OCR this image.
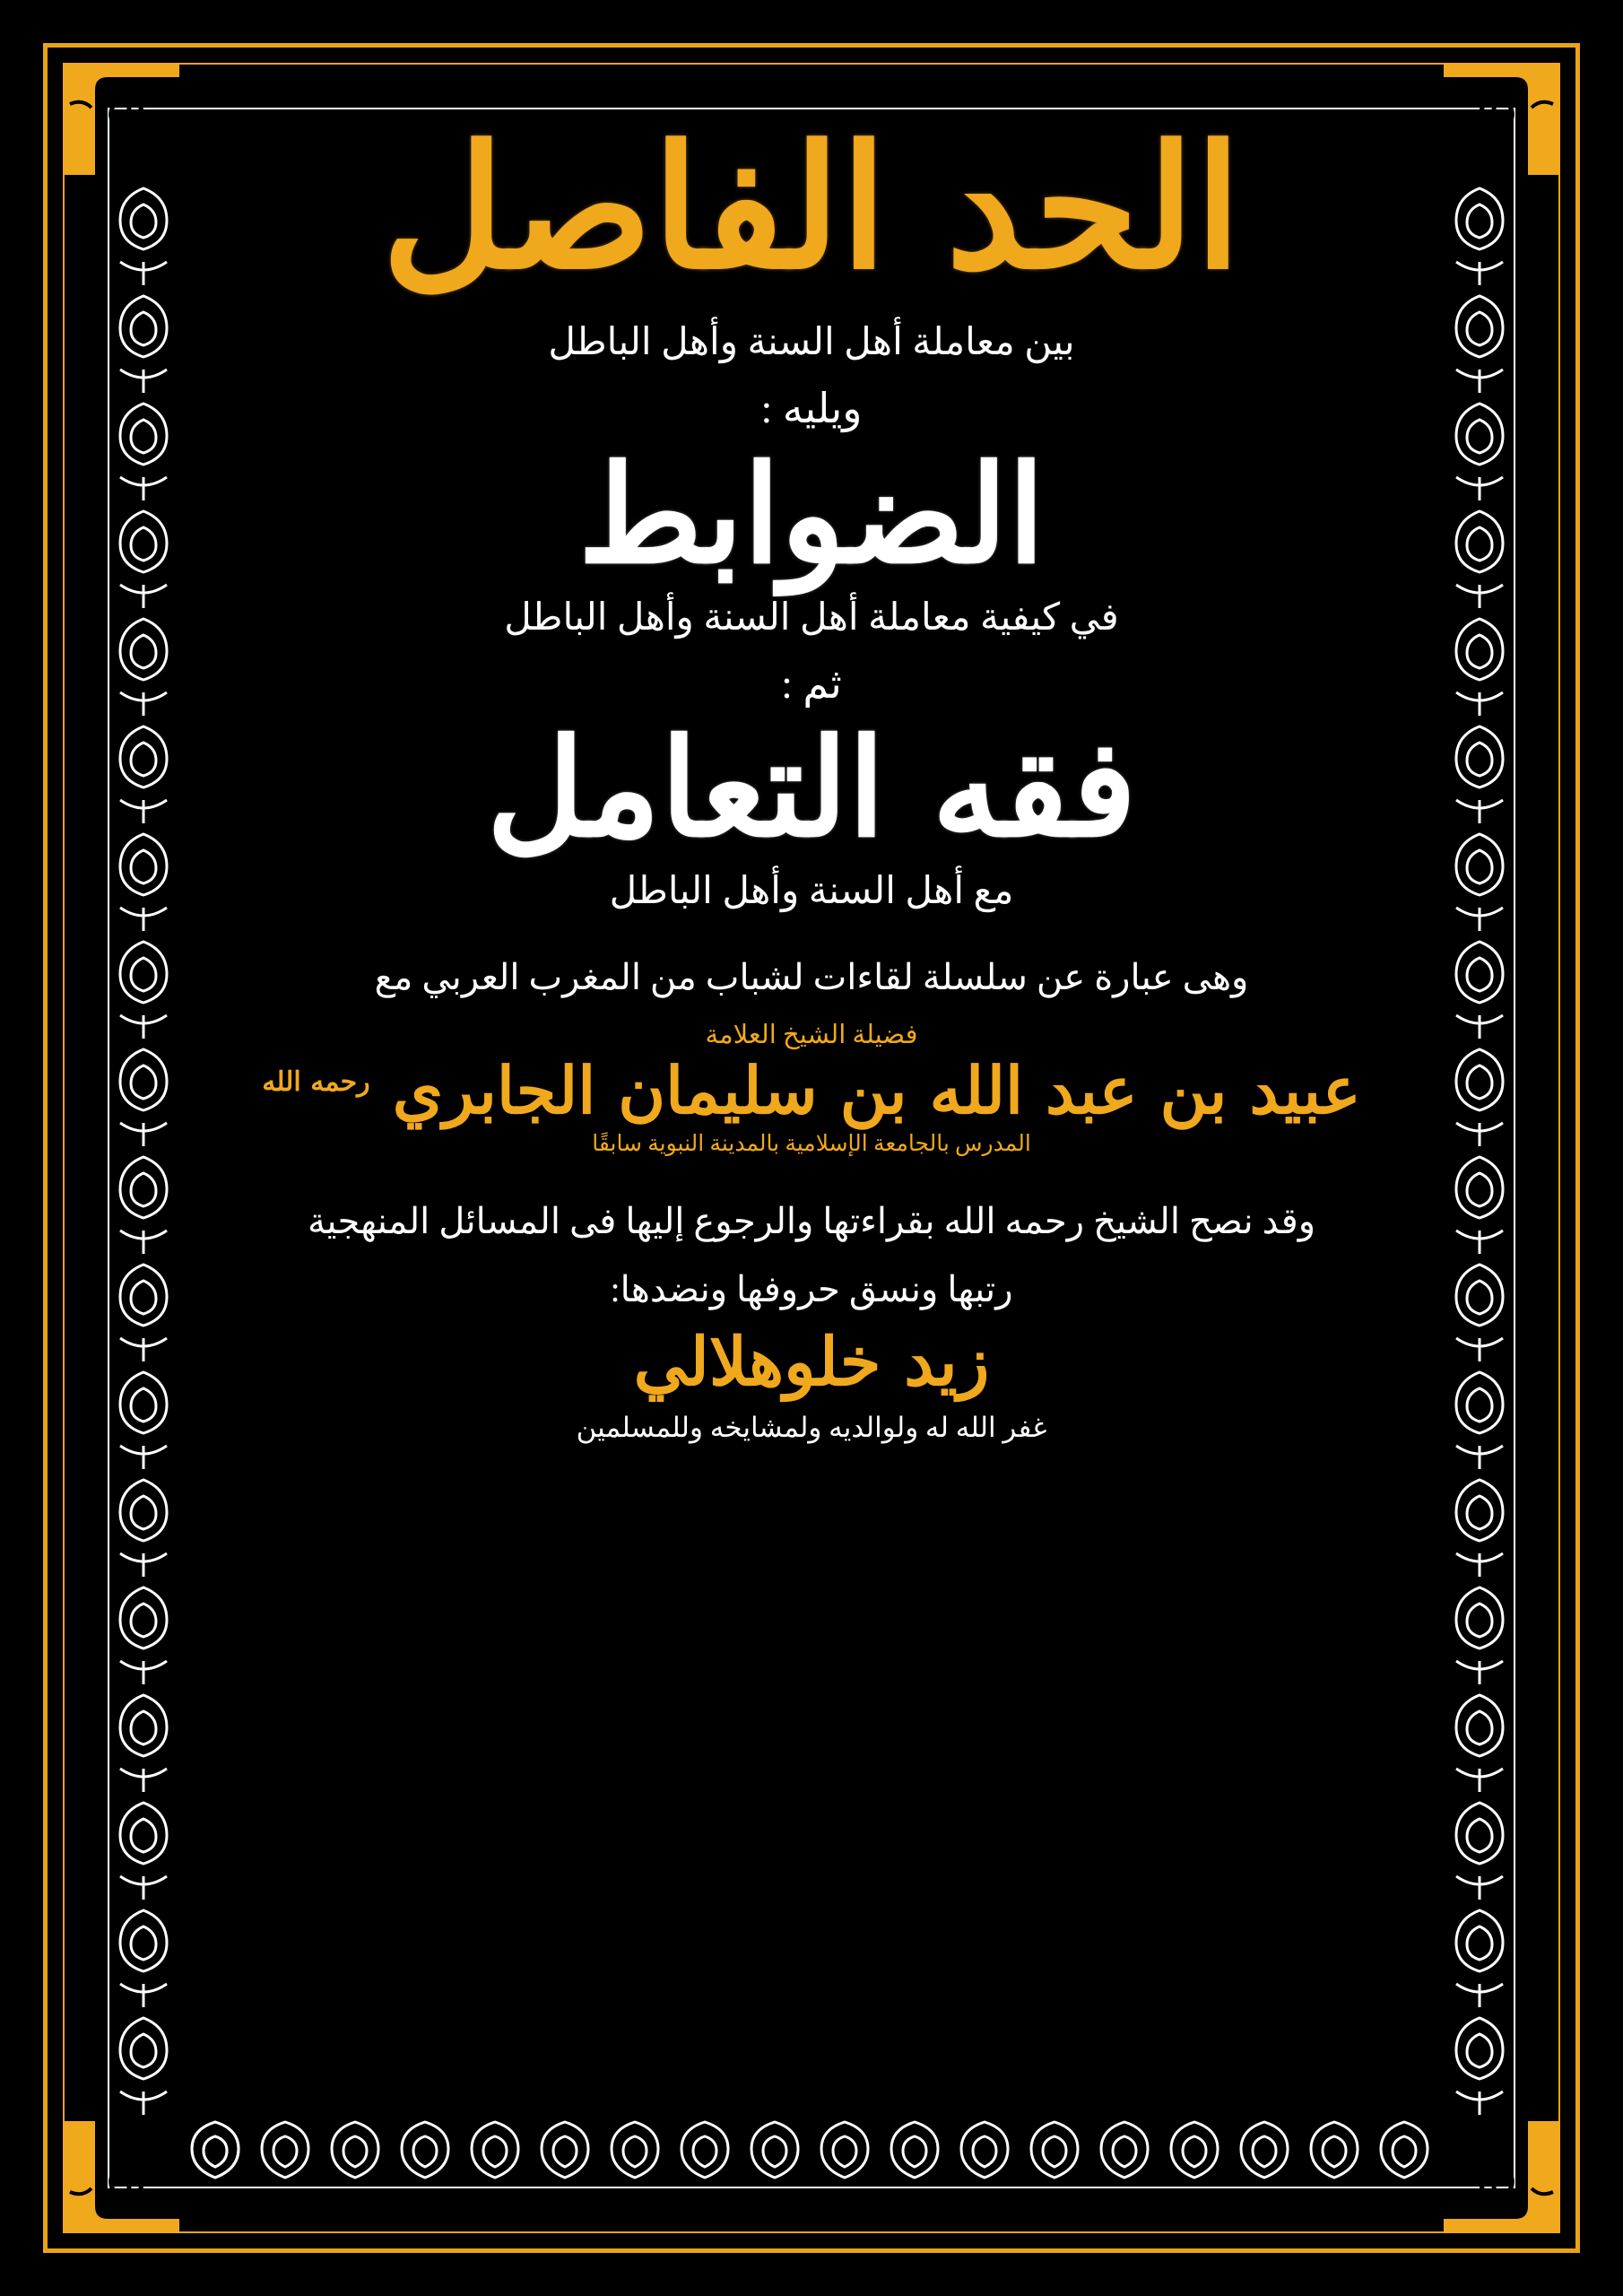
الحد الفاصل
بين معاملة أهل السنة وأهل الباطل
ويليه :
الضوابط
في كيفية معاملة أهل السنة وأهل الباطل
ثم :
فقه التعامل
مع أهل السنة وأهل الباطل
وهى عبارة عن سلسلة لقاءات لشباب من المغرب العربي مع
فضيلة الشيخ العلامة
عبيد بن عبد الله بن سليمان الجابري $^{رحمه الله}$
المدرس بالجامعة الإسلامية بالمدينة النبوية سابقًا
وقد نصح الشيخ رحمه الله بقراءتها والرجوع إليها فى المسائل المنهجية
رتبها ونسق حروفها ونضدها:
زيد خلوهلالي
غفر الله له ولوالديه ولمشايخه وللمسلمين
